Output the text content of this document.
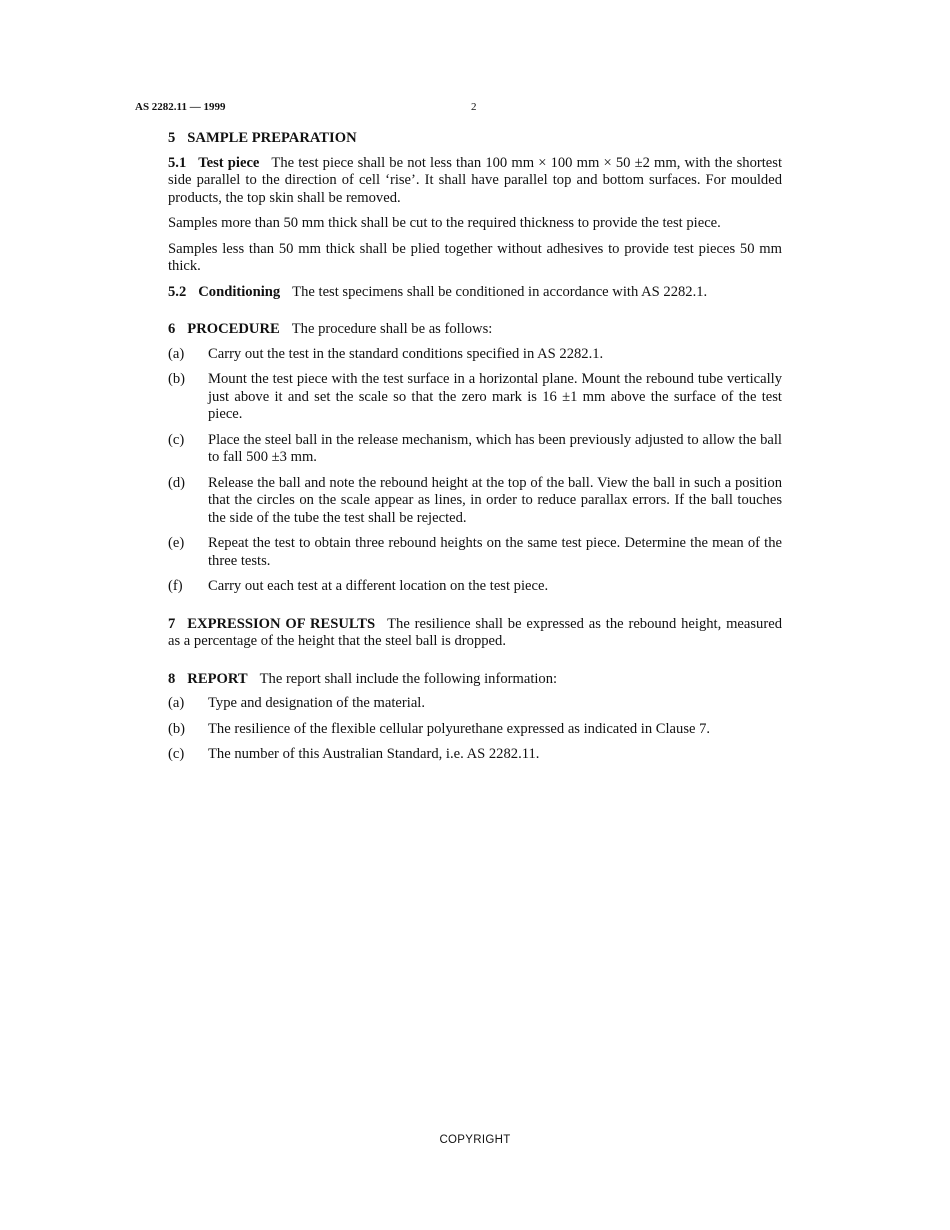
AS 2282.11 — 1999	2

5 SAMPLE PREPARATION

5.1 Test piece The test piece shall be not less than 100 mm × 100 mm × 50 ±2 mm, with the shortest side parallel to the direction of cell ‘rise’. It shall have parallel top and bottom surfaces. For moulded products, the top skin shall be removed.

Samples more than 50 mm thick shall be cut to the required thickness to provide the test piece.

Samples less than 50 mm thick shall be plied together without adhesives to provide test pieces 50 mm thick.

5.2 Conditioning The test specimens shall be conditioned in accordance with AS 2282.1.

6 PROCEDURE The procedure shall be as follows:

(a)	Carry out the test in the standard conditions specified in AS 2282.1.
(b)	Mount the test piece with the test surface in a horizontal plane. Mount the rebound tube vertically just above it and set the scale so that the zero mark is 16 ±1 mm above the surface of the test piece.
(c)	Place the steel ball in the release mechanism, which has been previously adjusted to allow the ball to fall 500 ±3 mm.
(d)	Release the ball and note the rebound height at the top of the ball. View the ball in such a position that the circles on the scale appear as lines, in order to reduce parallax errors. If the ball touches the side of the tube the test shall be rejected.
(e)	Repeat the test to obtain three rebound heights on the same test piece. Determine the mean of the three tests.
(f)	Carry out each test at a different location on the test piece.

7 EXPRESSION OF RESULTS The resilience shall be expressed as the rebound height, measured as a percentage of the height that the steel ball is dropped.

8 REPORT The report shall include the following information:

(a)	Type and designation of the material.
(b)	The resilience of the flexible cellular polyurethane expressed as indicated in Clause 7.
(c)	The number of this Australian Standard, i.e. AS 2282.11.
COPYRIGHT
